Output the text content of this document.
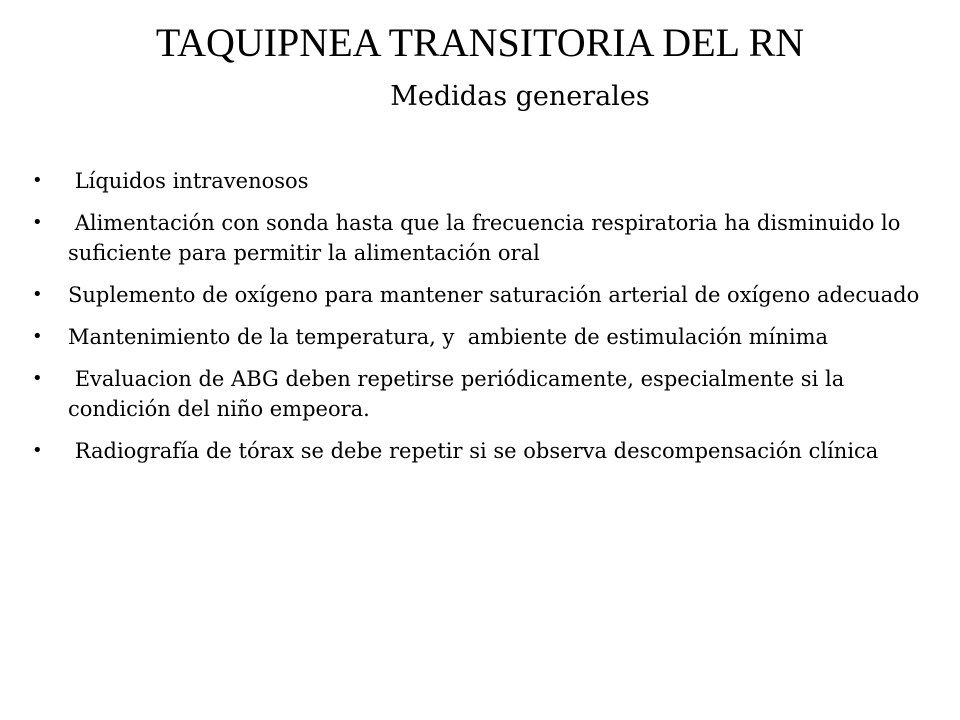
TAQUIPNEA TRANSITORIA DEL RN
Medidas generales
• Líquidos intravenosos
• Alimentación con sonda hasta que la frecuencia respiratoria ha disminuido lo suficiente para permitir la alimentación oral
• Suplemento de oxígeno para mantener saturación arterial de oxígeno adecuado
• Mantenimiento de la temperatura, y  ambiente de estimulación mínima
• Evaluacion de ABG deben repetirse periódicamente, especialmente si la condición del niño empeora.
• Radiografía de tórax se debe repetir si se observa descompensación clínica
